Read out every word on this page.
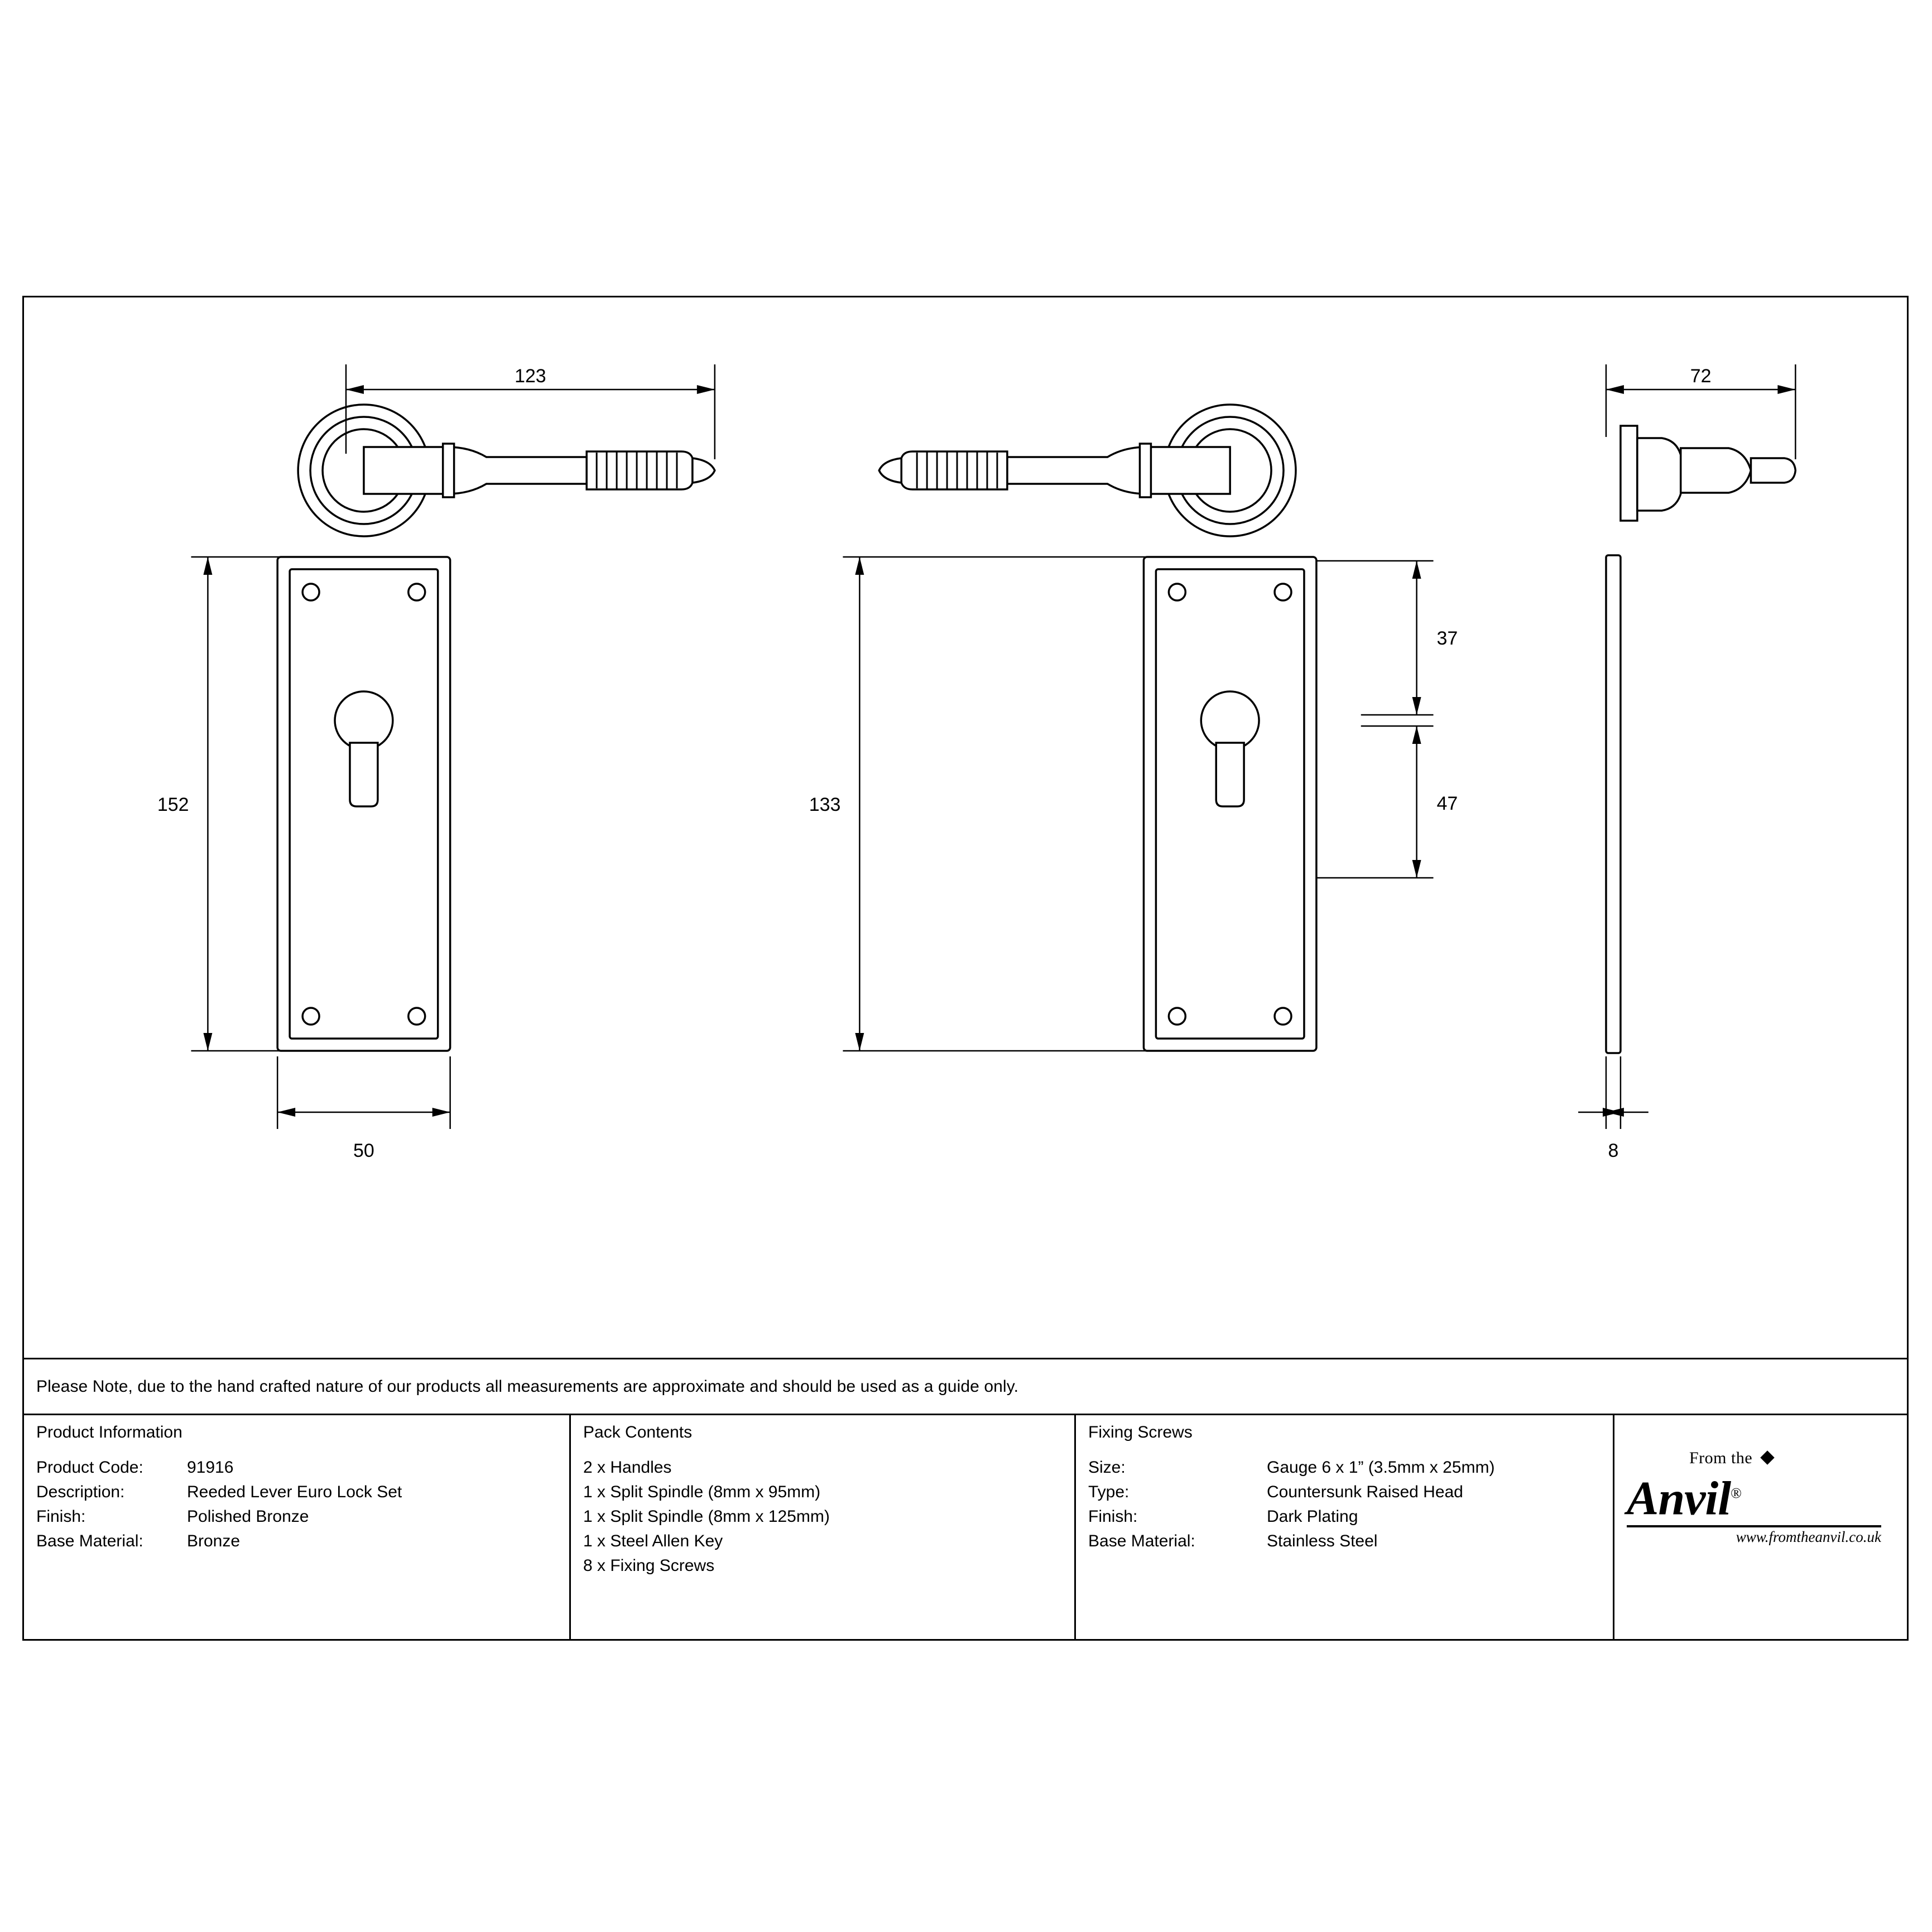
123
152
50
133
37
47
72
8
Please Note, due to the hand crafted nature of our products all measurements are approximate and should be used as a guide only.
Product Information
Product Code:	91916
Description:	Reeded Lever Euro Lock Set
Finish:	Polished Bronze
Base Material:	Bronze
Pack Contents
2 x Handles
1 x Split Spindle (8mm x 95mm)
1 x Split Spindle (8mm x 125mm)
1 x Steel Allen Key
8 x Fixing Screws
Fixing Screws
Size:	Gauge 6 x 1” (3.5mm x 25mm)
Type:	Countersunk Raised Head
Finish:	Dark Plating
Base Material:	Stainless Steel
From the
Anvil®
www.fromtheanvil.co.uk
